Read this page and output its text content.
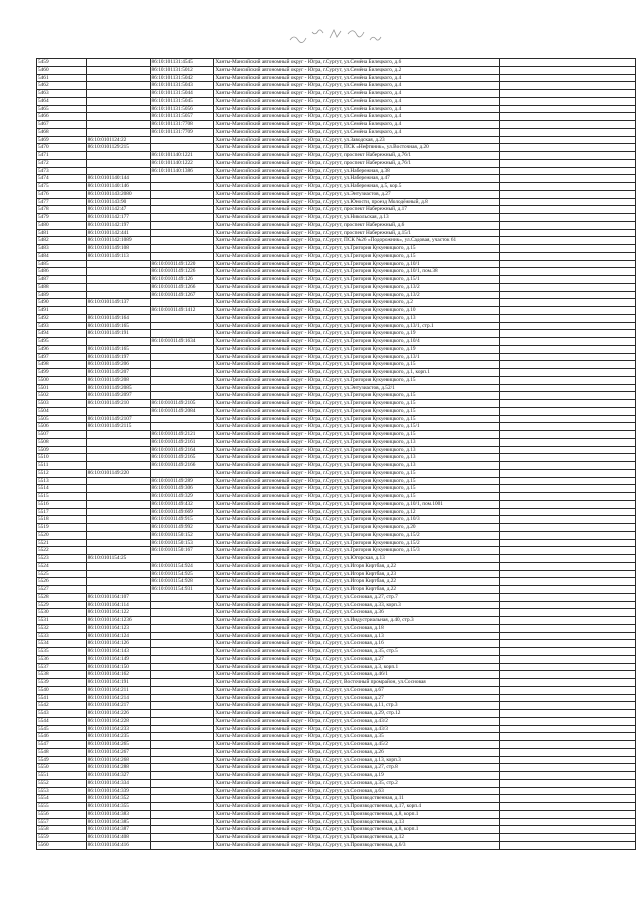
5459		86:10:101131:4545	Ханты-Мансийский автономный округ - Югра, г.Сургут, ул.Семёна Билецкого, д.6	
5460		86:10:101131:5012	Ханты-Мансийский автономный округ - Югра, г.Сургут, ул.Семёна Билецкого, д.2	
5461		86:10:101131:5042	Ханты-Мансийский автономный округ - Югра, г.Сургут, ул.Семёна Билецкого, д.4	
5462		86:10:101131:5043	Ханты-Мансийский автономный округ - Югра, г.Сургут, ул.Семёна Билецкого, д.4	
5463		86:10:101131:5044	Ханты-Мансийский автономный округ - Югра, г.Сургут, ул.Семёна Билецкого, д.4	
5464		86:10:101131:5045	Ханты-Мансийский автономный округ - Югра, г.Сургут, ул.Семёна Билецкого, д.4	
5465		86:10:101131:5056	Ханты-Мансийский автономный округ - Югра, г.Сургут, ул.Семёна Билецкого, д.4	
5466		86:10:101131:5057	Ханты-Мансийский автономный округ - Югра, г.Сургут, ул.Семёна Билецкого, д.4	
5467		86:10:101131:7708	Ханты-Мансийский автономный округ - Югра, г.Сургут, ул.Семёна Билецкого, д.4	
5468		86:10:101131:7709	Ханты-Мансийский автономный округ - Югра, г.Сургут, ул.Семёна Билецкого, д.4	
5469	86:10:0101124:22		Ханты-Мансийский автономный округ - Югра, г.Сургут, ул.Заводская, д.23	
5470	86:10:0101129:215		Ханты-Мансийский автономный округ - Югра, г.Сургут, ПСК «Нефтяник», ул.Восточная, д.20	
5471		86:10:101140:1221	Ханты-Мансийский автономный округ - Югра, г.Сургут, проспект Набережный, д.76/1	
5472		86:10:101140:1222	Ханты-Мансийский автономный округ - Югра, г.Сургут, проспект Набережный, д.76/1	
5473		86:10:101140:1386	Ханты-Мансийский автономный округ - Югра, г.Сургут, ул.Набережная, д.38	
5474	86:10:0101140:144		Ханты-Мансийский автономный округ - Югра, г.Сургут, ул.Набережная, д.47	
5475	86:10:0101140:146		Ханты-Мансийский автономный округ - Югра, г.Сургут, ул.Набережная, д.5, кор.5	
5476	86:10:0101143:2080		Ханты-Мансийский автономный округ - Югра, г.Сургут, ул.Энтузиастов, д.27	
5477	86:10:0101143:90		Ханты-Мансийский автономный округ - Югра, г.Сургут, ул.Юности, проезд Молодёжный, д.8	
5478	86:10:0101142:47		Ханты-Мансийский автономный округ - Югра, г.Сургут, проспект Набережный, д.17	
5479	86:10:0101142:177		Ханты-Мансийский автономный округ - Югра, г.Сургут, ул.Никольская, д.13	
5480	86:10:0101142:197		Ханты-Мансийский автономный округ - Югра, г.Сургут, проспект Набережный, д.6	
5481	86:10:0101142:441		Ханты-Мансийский автономный округ - Югра, г.Сургут, проспект Набережный, д.15/1	
5482	86:10:0101142:1089		Ханты-Мансийский автономный округ - Югра, г.Сургут, ПСК №26 «Подорожник», ул.Садовая, участок 61	
5483	86:10:0101149:108		Ханты-Мансийский автономный округ - Югра, г.Сургут, ул.Григория Кукуевицкого, д.15	
5484	86:10:0101149:113		Ханты-Мансийский автономный округ - Югра, г.Сургут, ул.Григория Кукуевицкого, д.15	
5485		86:10:0101149:1220	Ханты-Мансийский автономный округ - Югра, г.Сургут, ул.Григория Кукуевицкого, д.10/1	
5486		86:10:0101149:1226	Ханты-Мансийский автономный округ - Югра, г.Сургут, ул.Григория Кукуевицкого, д.10/1, пом.38	
5487		86:10:0101149:126	Ханты-Мансийский автономный округ - Югра, г.Сургут, ул.Григория Кукуевицкого, д.15/1	
5488		86:10:0101149:1266	Ханты-Мансийский автономный округ - Югра, г.Сургут, ул.Григория Кукуевицкого, д.13/2	
5489		86:10:0101149:1267	Ханты-Мансийский автономный округ - Югра, г.Сургут, ул.Григория Кукуевицкого, д.13/2	
5490	86:10:0101149:137		Ханты-Мансийский автономный округ - Югра, г.Сургут, ул.Григория Кукуевицкого, д.2	
5491		86:10:0101149:1412	Ханты-Мансийский автономный округ - Югра, г.Сургут, ул.Григория Кукуевицкого, д.10	
5492	86:10:0101149:164		Ханты-Мансийский автономный округ - Югра, г.Сургут, ул.Григория Кукуевицкого, д.13	
5493	86:10:0101149:165		Ханты-Мансийский автономный округ - Югра, г.Сургут, ул.Григория Кукуевицкого, д.13/1, стр.1	
5494	86:10:0101149:191		Ханты-Мансийский автономный округ - Югра, г.Сургут, ул.Григория Кукуевицкого, д.19	
5495		86:10:0101149:1634	Ханты-Мансийский автономный округ - Югра, г.Сургут, ул.Григория Кукуевицкого, д.10/4	
5496	86:10:0101149:165		Ханты-Мансийский автономный округ - Югра, г.Сургут, ул.Григория Кукуевицкого, д.19	
5497	86:10:0101149:197		Ханты-Мансийский автономный округ - Югра, г.Сургут, ул.Григория Кукуевицкого, д.13/1	
5498	86:10:0101149:206		Ханты-Мансийский автономный округ - Югра, г.Сургут, ул.Григория Кукуевицкого, д.15	
5499	86:10:0101149:207		Ханты-Мансийский автономный округ - Югра, г.Сургут, ул.Григория Кукуевицкого, д.1, корп.1	
5500	86:10:0101149:208		Ханты-Мансийский автономный округ - Югра, г.Сургут, ул.Григория Кукуевицкого, д.15	
5501	86:10:0101149:2085		Ханты-Мансийский автономный округ - Югра, г.Сургут, ул.Энтузиастов, д.52/1	
5502	86:10:0101149:2097		Ханты-Мансийский автономный округ - Югра, г.Сургут, ул.Григория Кукуевицкого, д.15	
5503	86:10:0101149:210	86:10:0101149:2105	Ханты-Мансийский автономный округ - Югра, г.Сургут, ул.Григория Кукуевицкого, д.15	
5504		86:10:0101149:2084	Ханты-Мансийский автономный округ - Югра, г.Сургут, ул.Григория Кукуевицкого, д.15	
5505	86:10:0101149:2107		Ханты-Мансийский автономный округ - Югра, г.Сургут, ул.Григория Кукуевицкого, д.15	
5506	86:10:0101149:2115		Ханты-Мансийский автономный округ - Югра, г.Сургут, ул.Григория Кукуевицкого, д.15/1	
5507		86:10:0101149:2121	Ханты-Мансийский автономный округ - Югра, г.Сургут, ул.Григория Кукуевицкого, д.15	
5508		86:10:0101149:2161	Ханты-Мансийский автономный округ - Югра, г.Сургут, ул.Григория Кукуевицкого, д.13	
5509		86:10:0101149:2164	Ханты-Мансийский автономный округ - Югра, г.Сургут, ул.Григория Кукуевицкого, д.13	
5510		86:10:0101149:2165	Ханты-Мансийский автономный округ - Югра, г.Сургут, ул.Григория Кукуевицкого, д.13	
5511		86:10:0101149:2166	Ханты-Мансийский автономный округ - Югра, г.Сургут, ул.Григория Кукуевицкого, д.13	
5512	86:10:0101149:220		Ханты-Мансийский автономный округ - Югра, г.Сургут, ул.Григория Кукуевицкого, д.15	
5513		86:10:0101149:289	Ханты-Мансийский автономный округ - Югра, г.Сургут, ул.Григория Кукуевицкого, д.15	
5514		86:10:0101149:306	Ханты-Мансийский автономный округ - Югра, г.Сургут, ул.Григория Кукуевицкого, д.15	
5515		86:10:0101149:329	Ханты-Мансийский автономный округ - Югра, г.Сургут, ул.Григория Кукуевицкого, д.15	
5516		86:10:0101149:432	Ханты-Мансийский автономный округ - Югра, г.Сургут, ул.Григория Кукуевицкого, д.10/1, пом.1001	
5517		86:10:0101149:669	Ханты-Мансийский автономный округ - Югра, г.Сургут, ул.Григория Кукуевицкого, д.12	
5518		86:10:0101149:915	Ханты-Мансийский автономный округ - Югра, г.Сургут, ул.Григория Кукуевицкого, д.10/3	
5519		86:10:0101149:992	Ханты-Мансийский автономный округ - Югра, г.Сургут, ул.Григория Кукуевицкого, д.20	
5520		86:10:0101150:152	Ханты-Мансийский автономный округ - Югра, г.Сургут, ул.Григория Кукуевицкого, д.15/2	
5521		86:10:0101150:153	Ханты-Мансийский автономный округ - Югра, г.Сургут, ул.Григория Кукуевицкого, д.15/2	
5522		86:10:0101150:167	Ханты-Мансийский автономный округ - Югра, г.Сургут, ул.Григория Кукуевицкого, д.15/3	
5523	86:10:0101154:25		Ханты-Мансийский автономный округ - Югра, г.Сургут, ул.Югорская, д.13	
5524		86:10:0101154:924	Ханты-Мансийский автономный округ - Югра, г.Сургут, ул.Игоря Киртбая, д.22	
5525		86:10:0101154:925	Ханты-Мансийский автономный округ - Югра, г.Сургут, ул.Игоря Киртбая, д.23	
5526		86:10:0101154:928	Ханты-Мансийский автономный округ - Югра, г.Сургут, ул.Игоря Киртбая, д.22	
5527		86:10:0101154:931	Ханты-Мансийский автономный округ - Югра, г.Сургут, ул.Игоря Киртбая, д.22	
5528	86:10:0101164:107		Ханты-Мансийский автономный округ - Югра, г.Сургут, ул.Сосновая, д.27, стр.7	
5529	86:10:0101164:114		Ханты-Мансийский автономный округ - Югра, г.Сургут, ул.Сосновая, д.33, корп.3	
5530	86:10:0101164:122		Ханты-Мансийский автономный округ - Югра, г.Сургут, ул.Сосновая, д.36	
5531	86:10:0101164:1236		Ханты-Мансийский автономный округ - Югра, г.Сургут, ул.Индустриальная, д.40, стр.3	
5532	86:10:0101164:123		Ханты-Мансийский автономный округ - Югра, г.Сургут, ул.Сосновая, д.18	
5533	86:10:0101164:124		Ханты-Мансийский автономный округ - Югра, г.Сургут, ул.Сосновая, д.13	
5534	86:10:0101164:126		Ханты-Мансийский автономный округ - Югра, г.Сургут, ул.Сосновая, д.16	
5535	86:10:0101164:143		Ханты-Мансийский автономный округ - Югра, г.Сургут, ул.Сосновая, д.35, стр.5	
5536	86:10:0101164:149		Ханты-Мансийский автономный округ - Югра, г.Сургут, ул.Сосновая, д.27	
5537	86:10:0101164:150		Ханты-Мансийский автономный округ - Югра, г.Сургут, ул.Сосновая, д.3, корп.1	
5538	86:10:0101164:162		Ханты-Мансийский автономный округ - Югра, г.Сургут, ул.Сосновая, д.46/1	
5539	86:10:0101164:191		Ханты-Мансийский автономный округ - Югра, г.Сургут, Восточный промрайон, ул.Сосновая	
5540	86:10:0101164:211		Ханты-Мансийский автономный округ - Югра, г.Сургут, ул.Сосновая, д.67	
5541	86:10:0101164:214		Ханты-Мансийский автономный округ - Югра, г.Сургут, ул.Сосновая, д.27	
5542	86:10:0101164:217		Ханты-Мансийский автономный округ - Югра, г.Сургут, ул.Сосновая, д.11, стр.3	
5543	86:10:0101164:226		Ханты-Мансийский автономный округ - Югра, г.Сургут, ул.Сосновая, д.29, стр.12	
5544	86:10:0101164:228		Ханты-Мансийский автономный округ - Югра, г.Сургут, ул.Сосновая, д.43/2	
5545	86:10:0101164:233		Ханты-Мансийский автономный округ - Югра, г.Сургут, ул.Сосновая, д.43/3	
5546	86:10:0101164:235		Ханты-Мансийский автономный округ - Югра, г.Сургут, ул.Сосновая, д.35	
5547	86:10:0101164:265		Ханты-Мансийский автономный округ - Югра, г.Сургут, ул.Сосновая, д.45/2	
5548	86:10:0101164:267		Ханты-Мансийский автономный округ - Югра, г.Сургут, ул.Сосновая, д.26	
5549	86:10:0101164:268		Ханты-Мансийский автономный округ - Югра, г.Сургут, ул.Сосновая, д.13, корп.3	
5550	86:10:0101164:288		Ханты-Мансийский автономный округ - Югра, г.Сургут, ул.Сосновая, д.27, стр.8	
5551	86:10:0101164:327		Ханты-Мансийский автономный округ - Югра, г.Сургут, ул.Сосновая, д.19	
5552	86:10:0101164:334		Ханты-Мансийский автономный округ - Югра, г.Сургут, ул.Сосновая, д.35, стр.2	
5553	86:10:0101164:339		Ханты-Мансийский автономный округ - Югра, г.Сургут, ул.Сосновая, д.63	
5554	86:10:0101164:352		Ханты-Мансийский автономный округ - Югра, г.Сургут, ул.Производственная, д.11	
5555	86:10:0101164:355		Ханты-Мансийский автономный округ - Югра, г.Сургут, ул.Производственная, д.17, корп.4	
5556	86:10:0101164:383		Ханты-Мансийский автономный округ - Югра, г.Сургут, ул.Производственная, д.8, корп.1	
5557	86:10:0101164:385		Ханты-Мансийский автономный округ - Югра, г.Сургут, ул.Производственная, д.13	
5558	86:10:0101164:387		Ханты-Мансийский автономный округ - Югра, г.Сургут, ул.Производственная, д.8, корп.1	
5559	86:10:0101164:408		Ханты-Мансийский автономный округ - Югра, г.Сургут, ул.Производственная, д.12	
5560	86:10:0101164:416		Ханты-Мансийский автономный округ - Югра, г.Сургут, ул.Производственная, д.6/3	
